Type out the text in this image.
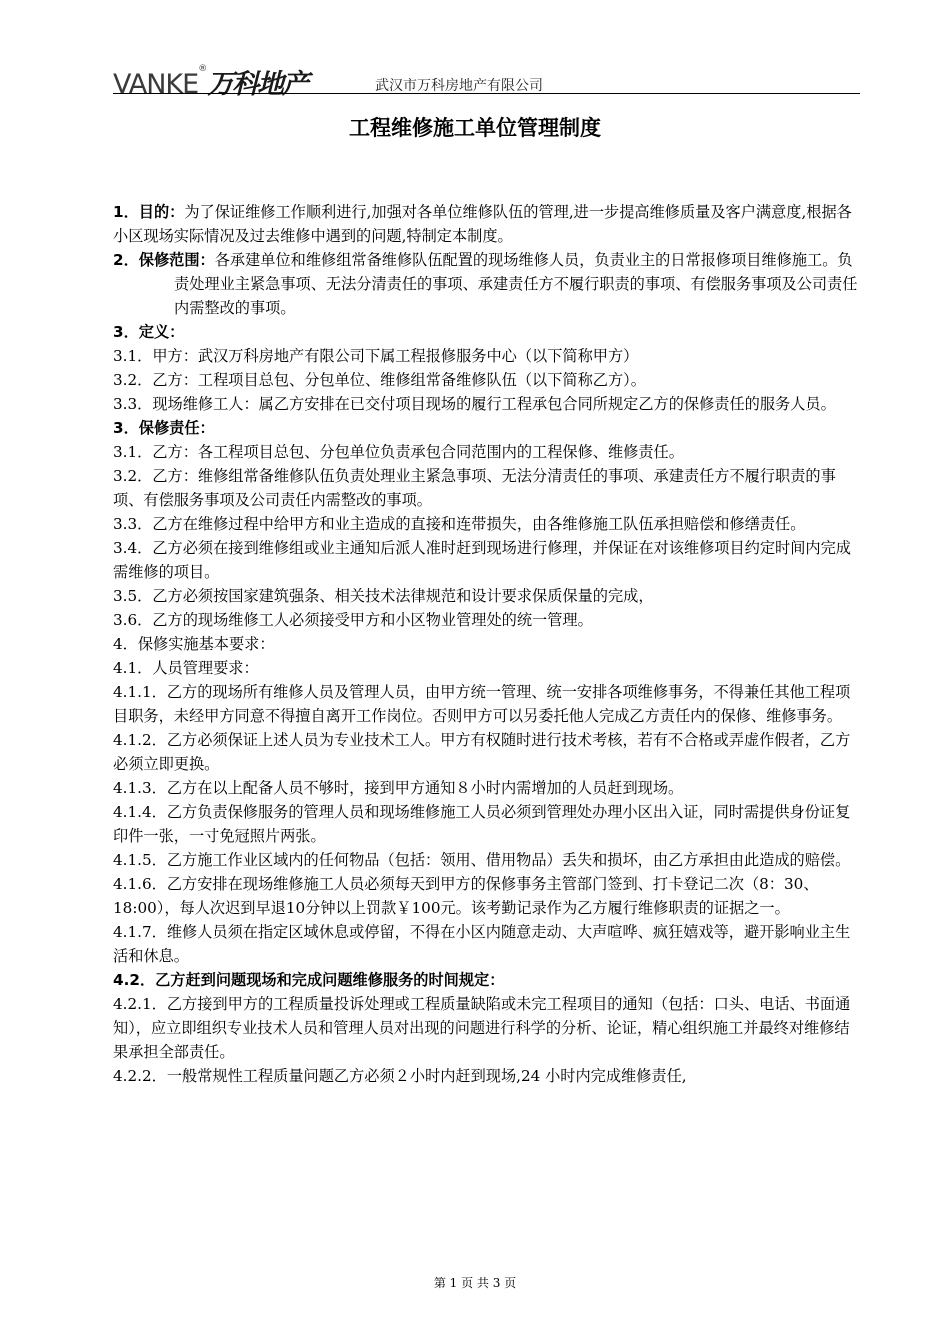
VANKE®万科地产	武汉市万科房地产有限公司
工程维修施工单位管理制度
1．目的：为了保证维修工作顺利进行,加强对各单位维修队伍的管理,进一步提高维修质量及客户满意度,根据各小区现场实际情况及过去维修中遇到的问题,特制定本制度。
2．保修范围：各承建单位和维修组常备维修队伍配置的现场维修人员，负责业主的日常报修项目维修施工。负责处理业主紧急事项、无法分清责任的事项、承建责任方不履行职责的事项、有偿服务事项及公司责任内需整改的事项。
3．定义：
3.1．甲方：武汉万科房地产有限公司下属工程报修服务中心（以下简称甲方）
3.2．乙方：工程项目总包、分包单位、维修组常备维修队伍（以下简称乙方）。
3.3．现场维修工人：属乙方安排在已交付项目现场的履行工程承包合同所规定乙方的保修责任的服务人员。
3．保修责任：
3.1．乙方：各工程项目总包、分包单位负责承包合同范围内的工程保修、维修责任。
3.2．乙方：维修组常备维修队伍负责处理业主紧急事项、无法分清责任的事项、承建责任方不履行职责的事项、有偿服务事项及公司责任内需整改的事项。
3.3．乙方在维修过程中给甲方和业主造成的直接和连带损失，由各维修施工队伍承担赔偿和修缮责任。
3.4．乙方必须在接到维修组或业主通知后派人准时赶到现场进行修理，并保证在对该维修项目约定时间内完成需维修的项目。
3.5．乙方必须按国家建筑强条、相关技术法律规范和设计要求保质保量的完成，
3.6．乙方的现场维修工人必须接受甲方和小区物业管理处的统一管理。
4．保修实施基本要求：
4.1．人员管理要求：
4.1.1．乙方的现场所有维修人员及管理人员，由甲方统一管理、统一安排各项维修事务，不得兼任其他工程项目职务，未经甲方同意不得擅自离开工作岗位。否则甲方可以另委托他人完成乙方责任内的保修、维修事务。
4.1.2．乙方必须保证上述人员为专业技术工人。甲方有权随时进行技术考核，若有不合格或弄虚作假者，乙方必须立即更换。
4.1.3．乙方在以上配备人员不够时，接到甲方通知８小时内需增加的人员赶到现场。
4.1.4．乙方负责保修服务的管理人员和现场维修施工人员必须到管理处办理小区出入证，同时需提供身份证复印件一张，一寸免冠照片两张。
4.1.5．乙方施工作业区域内的任何物品（包括：领用、借用物品）丢失和损坏，由乙方承担由此造成的赔偿。
4.1.6．乙方安排在现场维修施工人员必须每天到甲方的保修事务主管部门签到、打卡登记二次（8：30、18:00），每人次迟到早退10分钟以上罚款￥100元。该考勤记录作为乙方履行维修职责的证据之一。
4.1.7．维修人员须在指定区域休息或停留，不得在小区内随意走动、大声喧哗、疯狂嬉戏等，避开影响业主生活和休息。
4.2．乙方赶到问题现场和完成问题维修服务的时间规定：
4.2.1．乙方接到甲方的工程质量投诉处理或工程质量缺陷或未完工程项目的通知（包括：口头、电话、书面通知），应立即组织专业技术人员和管理人员对出现的问题进行科学的分析、论证，精心组织施工并最终对维修结果承担全部责任。
4.2.2．一般常规性工程质量问题乙方必须２小时内赶到现场,24 小时内完成维修责任,
第 1 页 共 3 页
